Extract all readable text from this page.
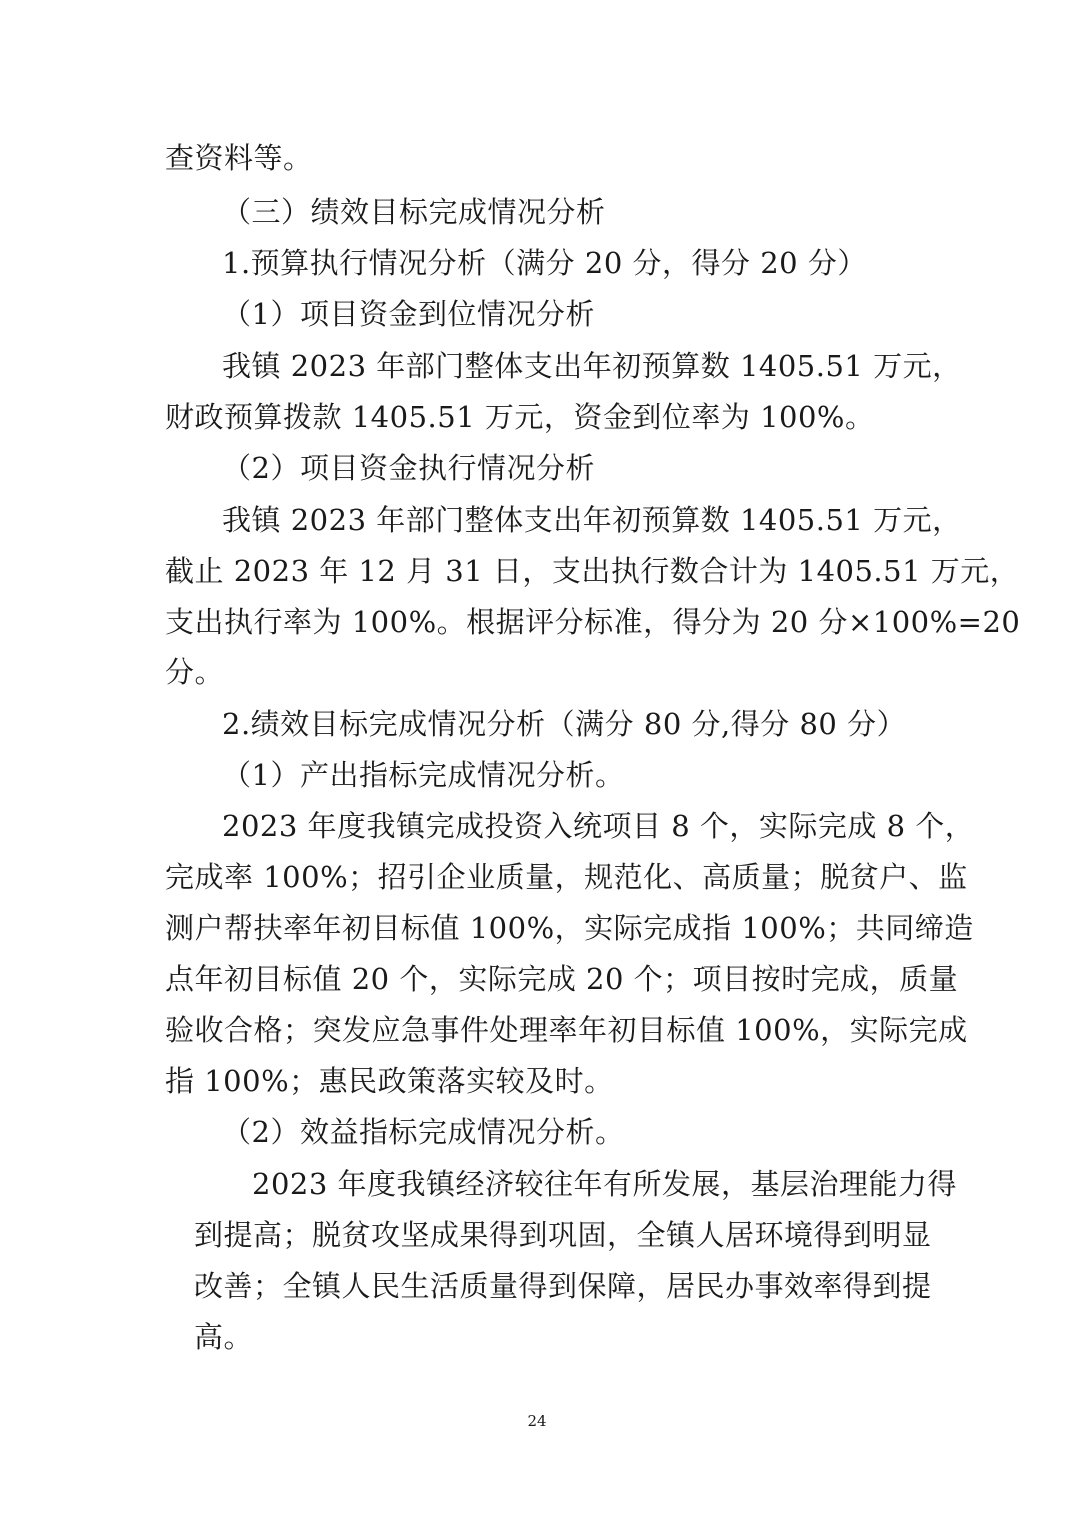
查资料等。
（三）绩效目标完成情况分析
1.预算执行情况分析（满分 20 分，得分 20 分）
（1）项目资金到位情况分析
我镇 2023 年部门整体支出年初预算数 1405.51 万元，
财政预算拨款 1405.51 万元，资金到位率为 100%。
（2）项目资金执行情况分析
我镇 2023 年部门整体支出年初预算数 1405.51 万元，
截止 2023 年 12 月 31 日，支出执行数合计为 1405.51 万元，
支出执行率为 100%。根据评分标准，得分为 20 分×100%=20
分。
2.绩效目标完成情况分析（满分 80 分,得分 80 分）
（1）产出指标完成情况分析。
2023 年度我镇完成投资入统项目 8 个，实际完成 8 个，
完成率 100%；招引企业质量，规范化、高质量；脱贫户、监
测户帮扶率年初目标值 100%，实际完成指 100%；共同缔造
点年初目标值 20 个，实际完成 20 个；项目按时完成，质量
验收合格；突发应急事件处理率年初目标值 100%，实际完成
指 100%；惠民政策落实较及时。
（2）效益指标完成情况分析。
2023 年度我镇经济较往年有所发展，基层治理能力得
到提高；脱贫攻坚成果得到巩固，全镇人居环境得到明显
改善；全镇人民生活质量得到保障，居民办事效率得到提
高。
24
